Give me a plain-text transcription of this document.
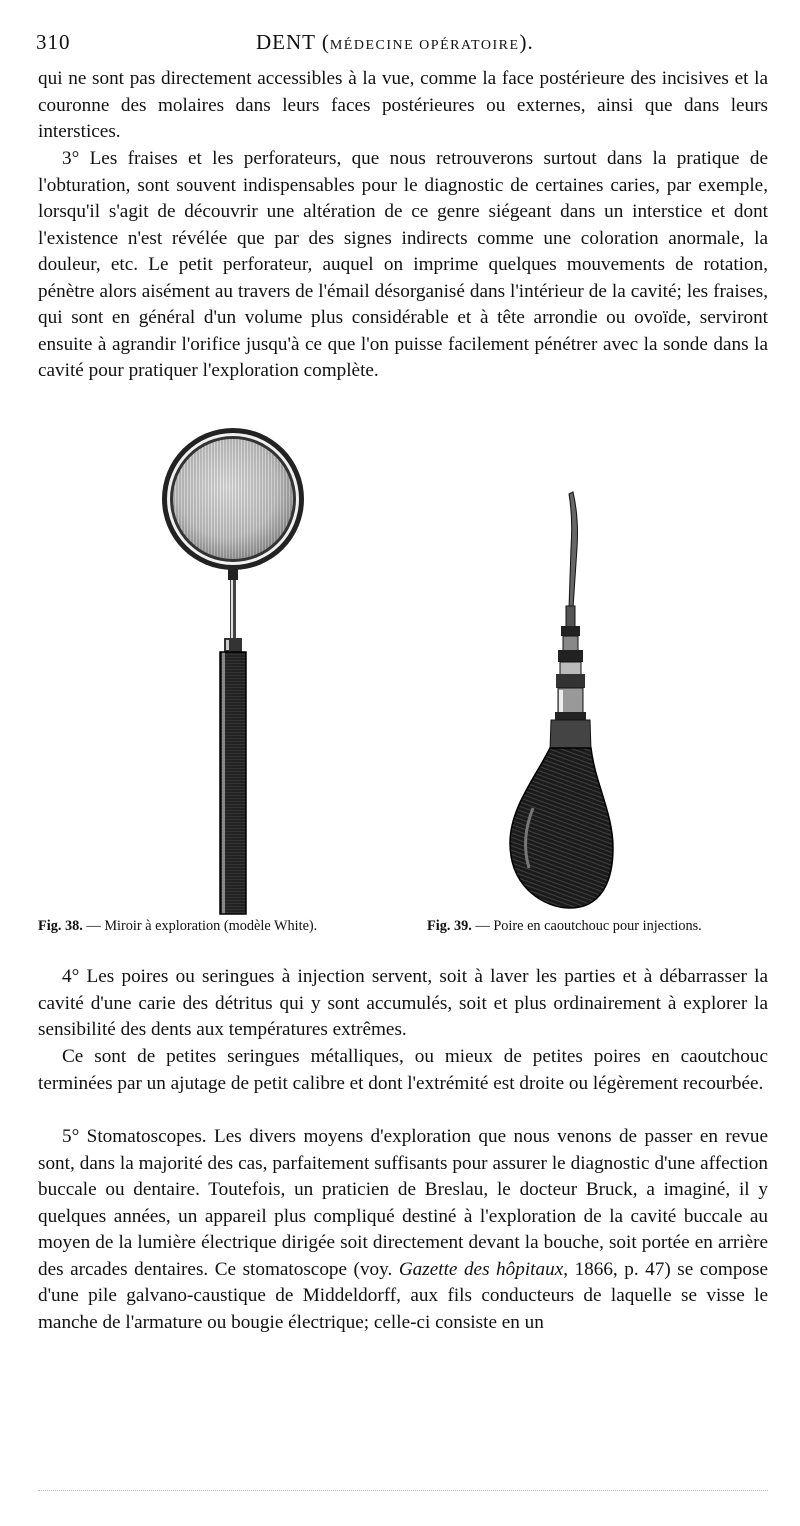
310	DENT (MÉDECINE OPÉRATOIRE).

qui ne sont pas directement accessibles à la vue, comme la face postérieure des incisives et la couronne des molaires dans leurs faces postérieures ou externes, ainsi que dans leurs interstices.

3° Les fraises et les perforateurs, que nous retrouverons surtout dans la pratique de l'obturation, sont souvent indispensables pour le diagnostic de certaines caries, par exemple, lorsqu'il s'agit de découvrir une altération de ce genre siégeant dans un interstice et dont l'existence n'est révélée que par des signes indirects comme une coloration anormale, la douleur, etc. Le petit perforateur, auquel on imprime quelques mouvements de rotation, pénètre alors aisément au travers de l'émail désorganisé dans l'intérieur de la cavité; les fraises, qui sont en général d'un volume plus considérable et à tête arrondie ou ovoïde, serviront ensuite à agrandir l'orifice jusqu'à ce que l'on puisse facilement pénétrer avec la sonde dans la cavité pour pratiquer l'exploration complète.

Fig. 38. — Miroir à exploration (modèle White).	Fig. 39. — Poire en caoutchouc pour injections.

4° Les poires ou seringues à injection servent, soit à laver les parties et à débarrasser la cavité d'une carie des détritus qui y sont accumulés, soit et plus ordinairement à explorer la sensibilité des dents aux températures extrêmes.

Ce sont de petites seringues métalliques, ou mieux de petites poires en caoutchouc terminées par un ajutage de petit calibre et dont l'extrémité est droite ou légèrement recourbée.

5° Stomatoscopes. Les divers moyens d'exploration que nous venons de passer en revue sont, dans la majorité des cas, parfaitement suffisants pour assurer le diagnostic d'une affection buccale ou dentaire. Toutefois, un praticien de Breslau, le docteur Bruck, a imaginé, il y quelques années, un appareil plus compliqué destiné à l'exploration de la cavité buccale au moyen de la lumière électrique dirigée soit directement devant la bouche, soit portée en arrière des arcades dentaires. Ce stomatoscope (voy. Gazette des hôpitaux, 1866, p. 47) se compose d'une pile galvano-caustique de Middeldorff, aux fils conducteurs de laquelle se visse le manche de l'armature ou bougie électrique; celle-ci consiste en un
